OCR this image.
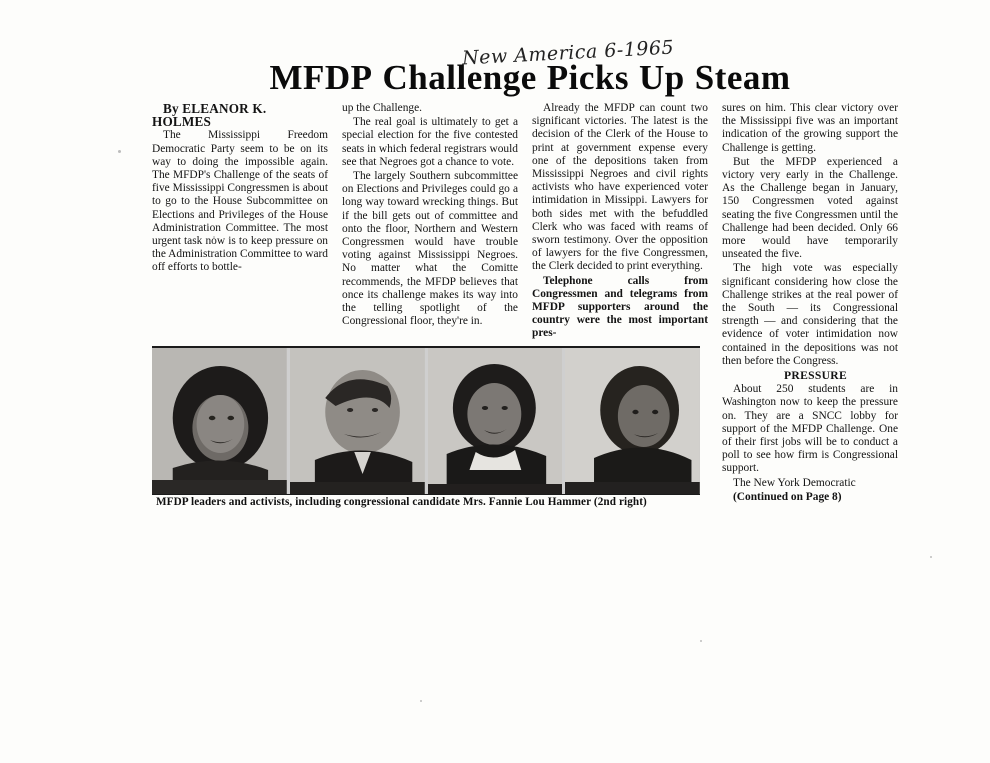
New America 6-1965
MFDP Challenge Picks Up Steam

By ELEANOR K. HOLMES

The Mississippi Freedom Democratic Party seem to be on its way to doing the impossible again. The MFDP's Challenge of the seats of five Mississippi Congressmen is about to go to the House Subcommittee on Elections and Privileges of the House Administration Committee. The most urgent task now is to keep pressure on the Administration Committee to ward off efforts to bottle-

up the Challenge.

The real goal is ultimately to get a special election for the five contested seats in which federal registrars would see that Negroes got a chance to vote.

The largely Southern subcommittee on Elections and Privileges could go a long way toward wrecking things. But if the bill gets out of committee and onto the floor, Northern and Western Congressmen would have trouble voting against Mississippi Negroes. No matter what the Comitte recommends, the MFDP believes that once its challenge makes its way into the telling spotlight of the Congressional floor, they're in.

Already the MFDP can count two significant victories. The latest is the decision of the Clerk of the House to print at government expense every one of the depositions taken from Mississippi Negroes and civil rights activists who have experienced voter intimidation in Missippi. Lawyers for both sides met with the befuddled Clerk who was faced with reams of sworn testimony. Over the opposition of lawyers for the five Congressmen, the Clerk decided to print everything.

Telephone calls from Congressmen and telegrams from MFDP supporters around the country were the most important pres-

sures on him. This clear victory over the Mississippi five was an important indication of the growing support the Challenge is getting.

But the MFDP experienced a victory very early in the Challenge. As the Challenge began in January, 150 Congressmen voted against seating the five Congressmen until the Challenge had been decided. Only 66 more would have temporarily unseated the five.

The high vote was especially significant considering how close the Challenge strikes at the real power of the South — its Congressional strength — and considering that the evidence of voter intimidation now contained in the depositions was not then before the Congress.

PRESSURE

About 250 students are in Washington now to keep the pressure on. They are a SNCC lobby for support of the MFDP Challenge. One of their first jobs will be to conduct a poll to see how firm is Congressional support.

The New York Democratic

(Continued on Page 8)

MFDP leaders and activists, including congressional candidate Mrs. Fannie Lou Hammer (2nd right)
